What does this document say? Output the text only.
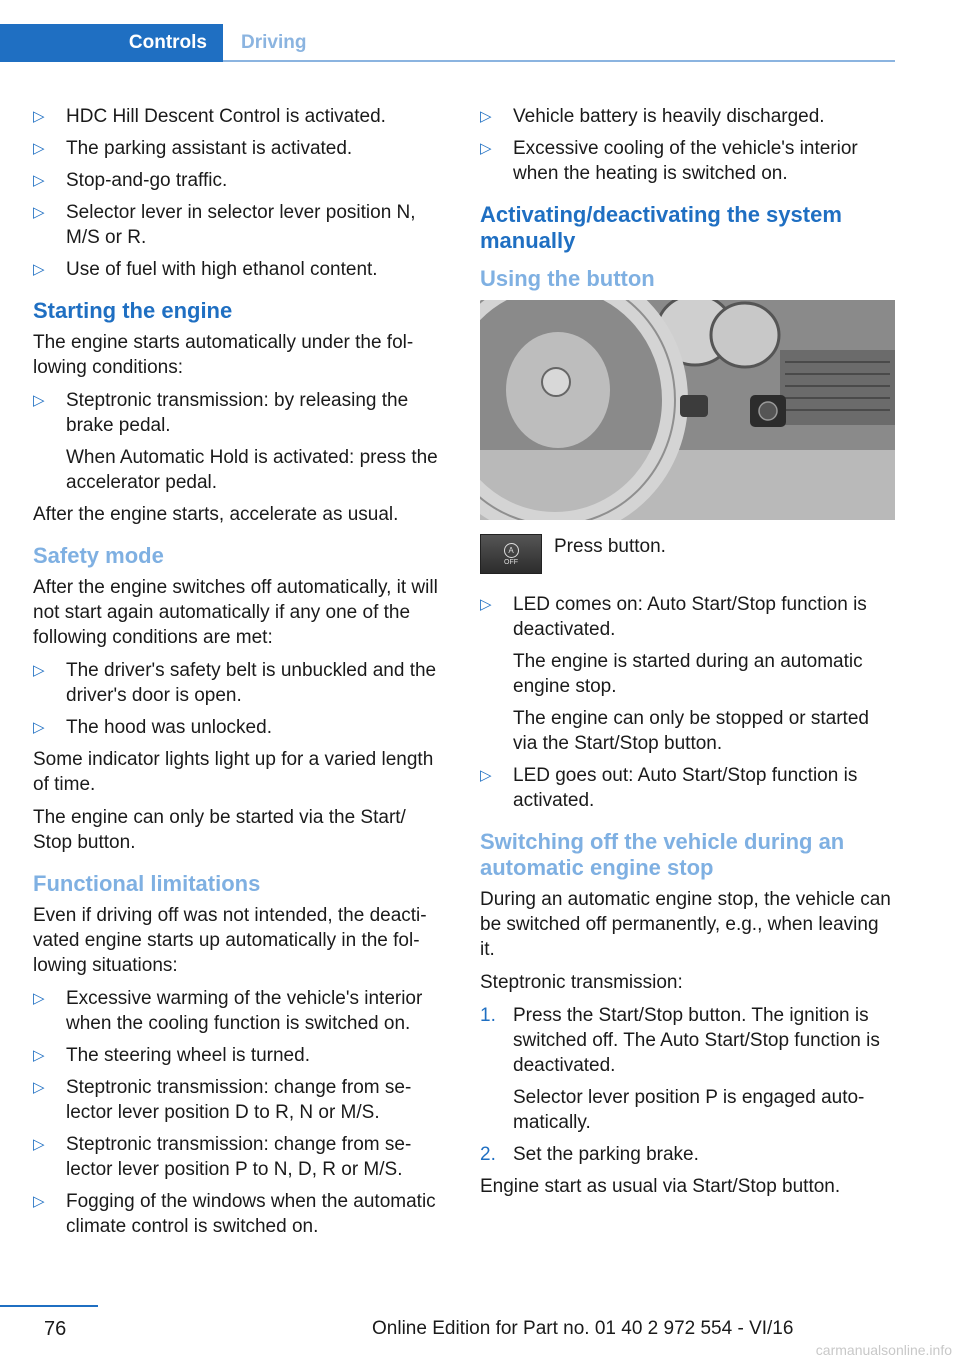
Controls	Driving
▷ HDC Hill Descent Control is activated.
▷ The parking assistant is activated.
▷ Stop-and-go traffic.
▷ Selector lever in selector lever position N, M/S or R.
▷ Use of fuel with high ethanol content.
Starting the engine

The engine starts automatically under the following conditions:

▷ Steptronic transmission: by releasing the brake pedal.
When Automatic Hold is activated: press the accelerator pedal.

After the engine starts, accelerate as usual.

Safety mode

After the engine switches off automatically, it will not start again automatically if any one of the following conditions are met:

▷ The driver's safety belt is unbuckled and the driver's door is open.
▷ The hood was unlocked.

Some indicator lights light up for a varied length of time.

The engine can only be started via the Start/ Stop button.

Functional limitations

Even if driving off was not intended, the deactivated engine starts up automatically in the following situations:

▷ Excessive warming of the vehicle's interior when the cooling function is switched on.
▷ The steering wheel is turned.
▷ Steptronic transmission: change from selector lever position D to R, N or M/S.
▷ Steptronic transmission: change from selector lever position P to N, D, R or M/S.
▷ Fogging of the windows when the automatic climate control is switched on.
▷ Vehicle battery is heavily discharged.
▷ Excessive cooling of the vehicle's interior when the heating is switched on.
Activating/deactivating the system manually
Using the button
A
OFF
Press button.
▷ LED comes on: Auto Start/Stop function is deactivated.
The engine is started during an automatic engine stop.
The engine can only be stopped or started via the Start/Stop button.
▷ LED goes out: Auto Start/Stop function is activated.
Switching off the vehicle during an automatic engine stop

During an automatic engine stop, the vehicle can be switched off permanently, e.g., when leaving it.

Steptronic transmission:

1. Press the Start/Stop button. The ignition is switched off. The Auto Start/Stop function is deactivated.
Selector lever position P is engaged automatically.
2. Set the parking brake.

Engine start as usual via Start/Stop button.

76	Online Edition for Part no. 01 40 2 972 554 - VI/16
carmanualsonline.info
